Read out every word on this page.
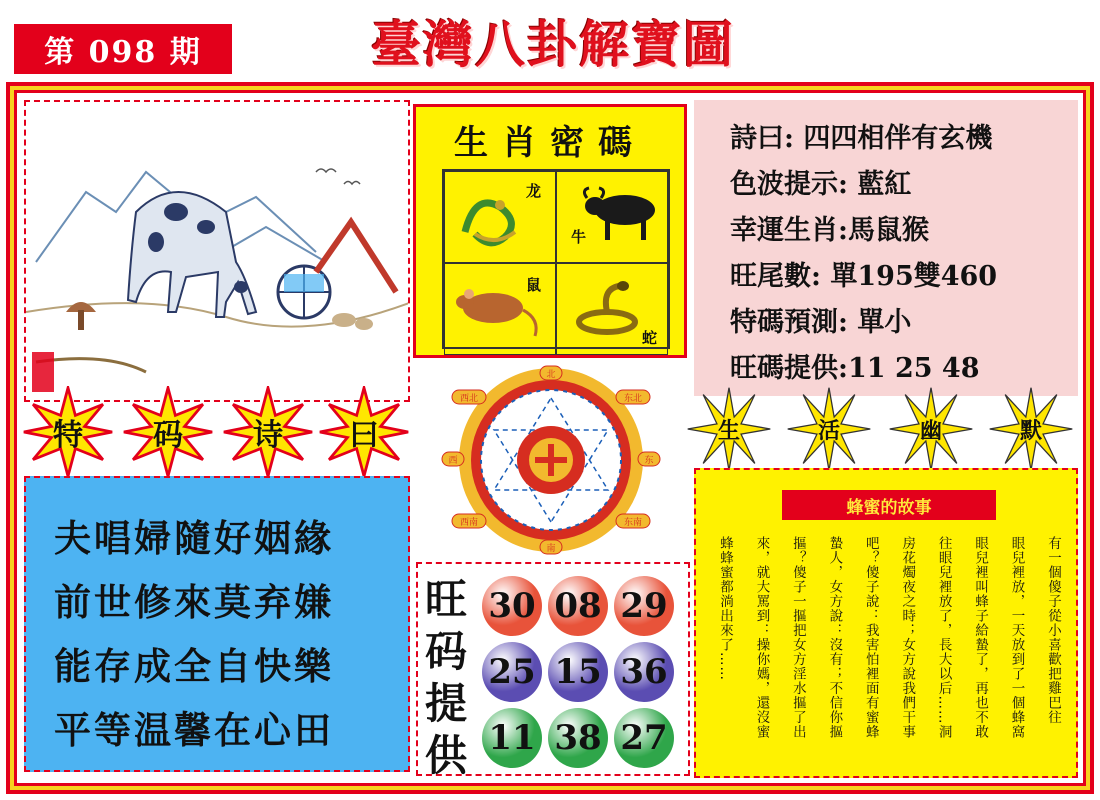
第 098 期	臺灣八卦解寶圖
生肖密碼
龙
牛
鼠
蛇
詩曰: 四四相伴有玄機
色波提示: 藍紅
幸運生肖:馬鼠猴
旺尾數: 單195雙460
特碼預測: 單小
旺碼提供:11 25 48
特	码	诗	曰	生	活	幽	默
北
东
南
西
西北	东北
东南
西南
夫唱婦隨好姻緣
前世修來莫弃嫌
能存成全自快樂
平等温馨在心田
旺
码
提
供
30 08 29
25 15 36
11 38 27
蜂蜜的故事
有一個傻子從小喜歡把雞巴往
眼兒裡放，一天放到了一個蜂窩
眼兒裡叫蜂子給蟄了，再也不敢
往眼兒裡放了，長大以后……洞
房花燭夜之時；女方說我們干事
吧？傻子說：我害怕裡面有蜜蜂
蟄人，女方說：沒有；不信你摳
摳？傻子一摳把女方淫水摳了出
來，就大罵到：操你媽，還沒蜜
蜂蜂蜜都淌出來了……
